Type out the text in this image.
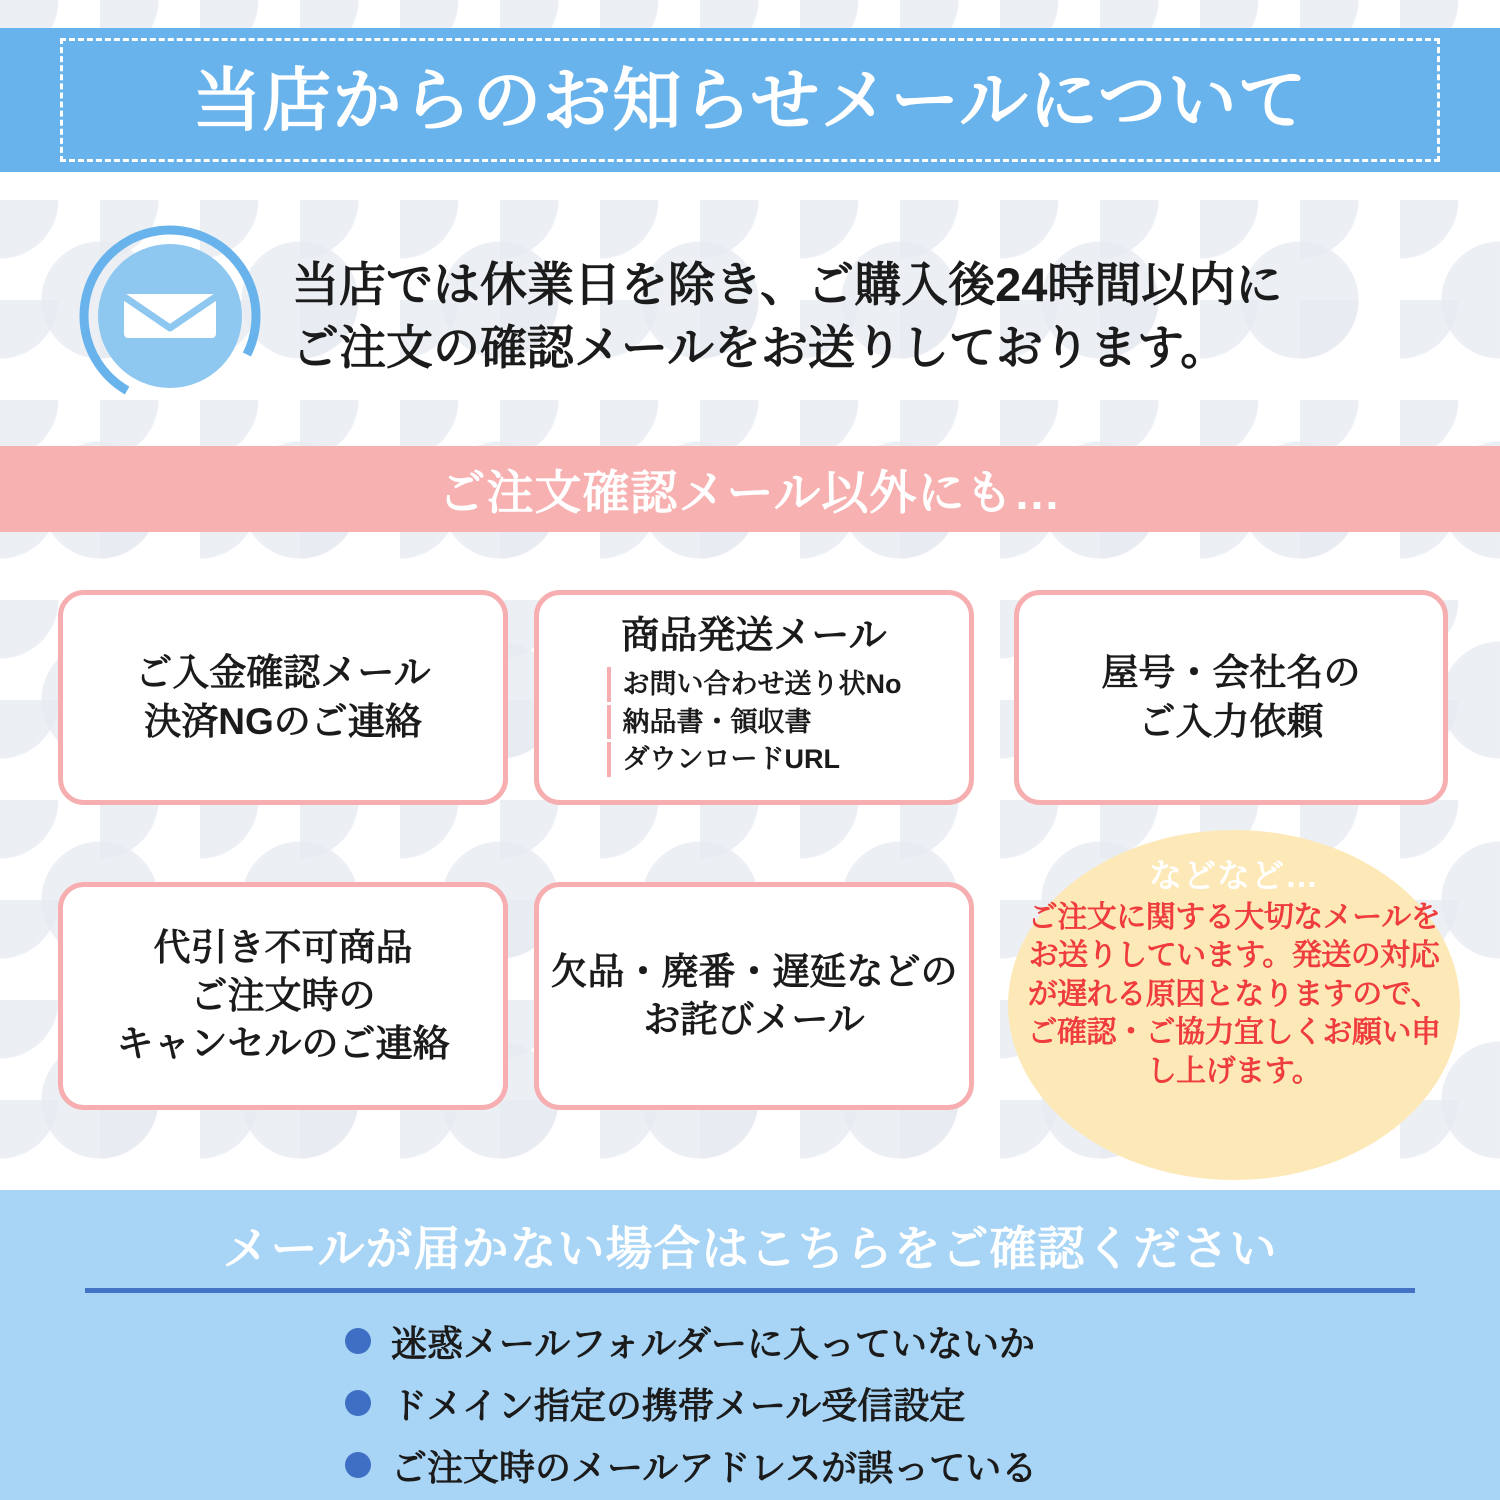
当店からのお知らせメールについて
当店では休業日を除き、ご購入後24時間以内に
ご注文の確認メールをお送りしております。
ご注文確認メール以外にも…
ご入金確認メール
決済NGのご連絡
商品発送メール
お問い合わせ送り状No
納品書・領収書
ダウンロードURL
屋号・会社名の
ご入力依頼
代引き不可商品
ご注文時の
キャンセルのご連絡
欠品・廃番・遅延などの
お詫びメール
などなど…
ご注文に関する大切なメールをお送りしています。発送の対応が遅れる原因となりますので、ご確認・ご協力宜しくお願い申し上げます。
メールが届かない場合はこちらをご確認ください
迷惑メールフォルダーに入っていないか
ドメイン指定の携帯メール受信設定
ご注文時のメールアドレスが誤っている
